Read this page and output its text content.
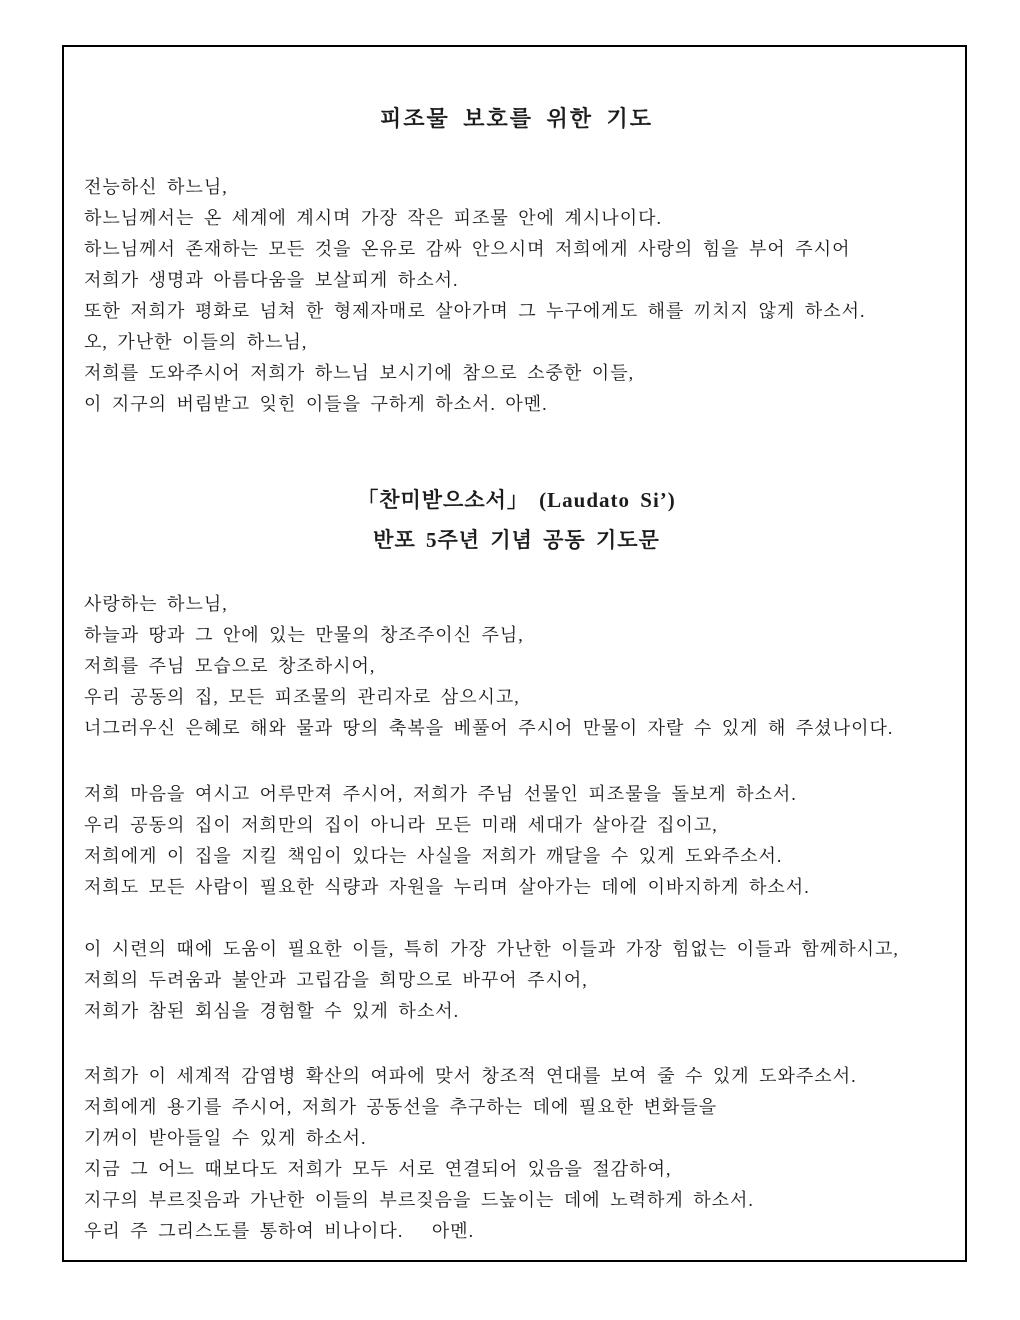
피조물 보호를 위한 기도
전능하신 하느님,
하느님께서는 온 세계에 계시며 가장 작은 피조물 안에 계시나이다.
하느님께서 존재하는 모든 것을 온유로 감싸 안으시며 저희에게 사랑의 힘을 부어 주시어
저희가 생명과 아름다움을 보살피게 하소서.
또한 저희가 평화로 넘쳐 한 형제자매로 살아가며 그 누구에게도 해를 끼치지 않게 하소서.
오, 가난한 이들의 하느님,
저희를 도와주시어 저희가 하느님 보시기에 참으로 소중한 이들,
이 지구의 버림받고 잊힌 이들을 구하게 하소서. 아멘.
「찬미받으소서」 (Laudato Si’)
반포 5주년 기념 공동 기도문
사랑하는 하느님,
하늘과 땅과 그 안에 있는 만물의 창조주이신 주님,
저희를 주님 모습으로 창조하시어,
우리 공동의 집, 모든 피조물의 관리자로 삼으시고,
너그러우신 은혜로 해와 물과 땅의 축복을 베풀어 주시어 만물이 자랄 수 있게 해 주셨나이다.
저희 마음을 여시고 어루만져 주시어, 저희가 주님 선물인 피조물을 돌보게 하소서.
우리 공동의 집이 저희만의 집이 아니라 모든 미래 세대가 살아갈 집이고,
저희에게 이 집을 지킬 책임이 있다는 사실을 저희가 깨달을 수 있게 도와주소서.
저희도 모든 사람이 필요한 식량과 자원을 누리며 살아가는 데에 이바지하게 하소서.
이 시련의 때에 도움이 필요한 이들, 특히 가장 가난한 이들과 가장 힘없는 이들과 함께하시고,
저희의 두려움과 불안과 고립감을 희망으로 바꾸어 주시어,
저희가 참된 회심을 경험할 수 있게 하소서.
저희가 이 세계적 감염병 확산의 여파에 맞서 창조적 연대를 보여 줄 수 있게 도와주소서.
저희에게 용기를 주시어, 저희가 공동선을 추구하는 데에 필요한 변화들을
기꺼이 받아들일 수 있게 하소서.
지금 그 어느 때보다도 저희가 모두 서로 연결되어 있음을 절감하여,
지구의 부르짖음과 가난한 이들의 부르짖음을 드높이는 데에 노력하게 하소서.
우리 주 그리스도를 통하여 비나이다.   아멘.
